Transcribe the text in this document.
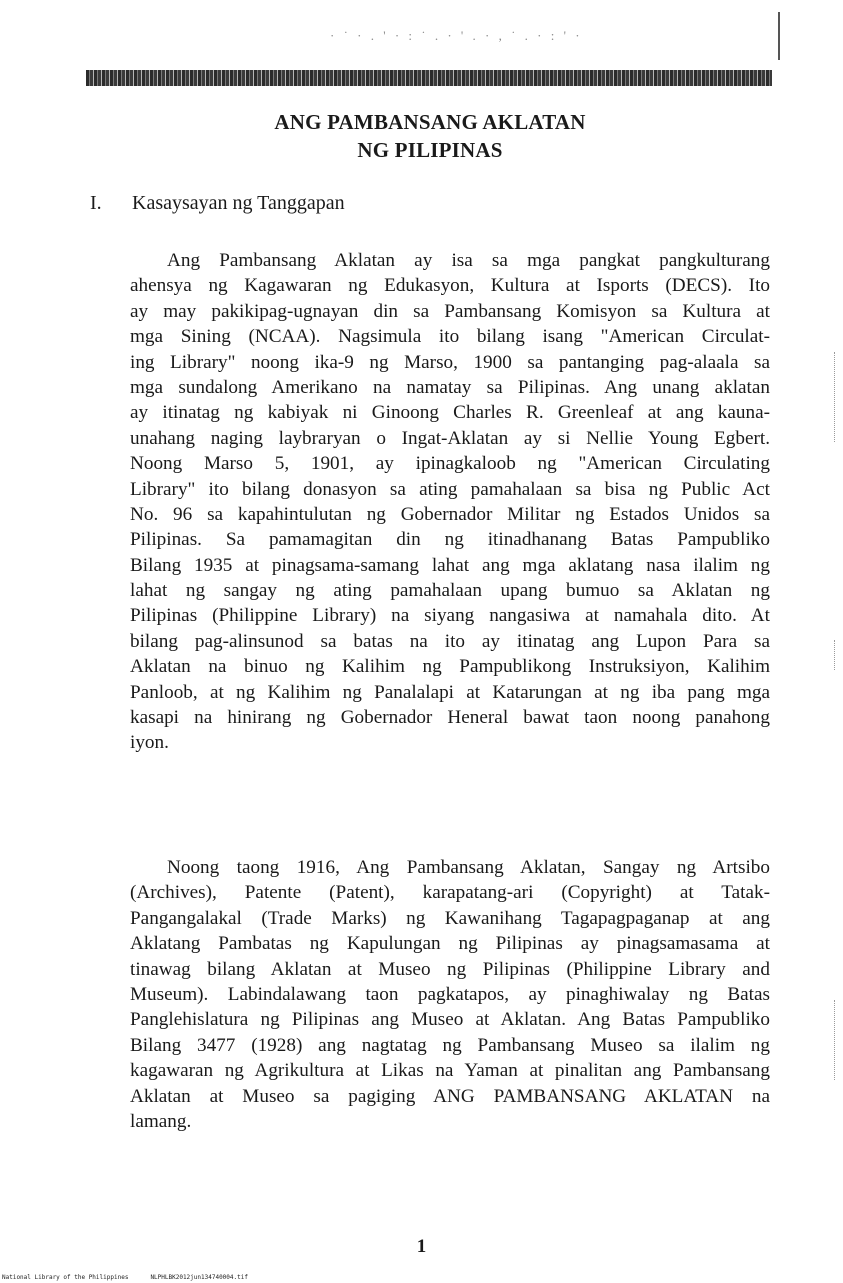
· ˙ · . ' · : ˙ . · ' . · , ˙ . · : ' ·
ANG PAMBANSANG AKLATAN
NG PILIPINAS
I. Kasaysayan ng Tanggapan
Ang Pambansang Aklatan ay isa sa mga pangkat pangkulturang
ahensya ng Kagawaran ng Edukasyon, Kultura at Isports (DECS). Ito
ay may pakikipag-ugnayan din sa Pambansang Komisyon sa Kultura at
mga Sining (NCAA). Nagsimula ito bilang isang "American Circulat-
ing Library" noong ika-9 ng Marso, 1900 sa pantanging pag-alaala sa
mga sundalong Amerikano na namatay sa Pilipinas. Ang unang aklatan
ay itinatag ng kabiyak ni Ginoong Charles R. Greenleaf at ang kauna-
unahang naging laybraryan o Ingat-Aklatan ay si Nellie Young Egbert.
Noong Marso 5, 1901, ay ipinagkaloob ng "American Circulating
Library" ito bilang donasyon sa ating pamahalaan sa bisa ng Public Act
No. 96 sa kapahintulutan ng Gobernador Militar ng Estados Unidos sa
Pilipinas. Sa pamamagitan din ng itinadhanang Batas Pampubliko
Bilang 1935 at pinagsama-samang lahat ang mga aklatang nasa ilalim ng
lahat ng sangay ng ating pamahalaan upang bumuo sa Aklatan ng
Pilipinas (Philippine Library) na siyang nangasiwa at namahala dito. At
bilang pag-alinsunod sa batas na ito ay itinatag ang Lupon Para sa
Aklatan na binuo ng Kalihim ng Pampublikong Instruksiyon, Kalihim
Panloob, at ng Kalihim ng Panalalapi at Katarungan at ng iba pang mga
kasapi na hinirang ng Gobernador Heneral bawat taon noong panahong
iyon.
Noong taong 1916, Ang Pambansang Aklatan, Sangay ng Artsibo
(Archives), Patente (Patent), karapatang-ari (Copyright) at Tatak-
Pangangalakal (Trade Marks) ng Kawanihang Tagapagpaganap at ang
Aklatang Pambatas ng Kapulungan ng Pilipinas ay pinagsamasama at
tinawag bilang Aklatan at Museo ng Pilipinas (Philippine Library and
Museum). Labindalawang taon pagkatapos, ay pinaghiwalay ng Batas
Panglehislatura ng Pilipinas ang Museo at Aklatan. Ang Batas Pampubliko
Bilang 3477 (1928) ang nagtatag ng Pambansang Museo sa ilalim ng
kagawaran ng Agrikultura at Likas na Yaman at pinalitan ang Pambansang
Aklatan at Museo sa pagiging ANG PAMBANSANG AKLATAN na
lamang.
1
National Library of the Philippines	NLPHLBK2012jun134740004.tif
